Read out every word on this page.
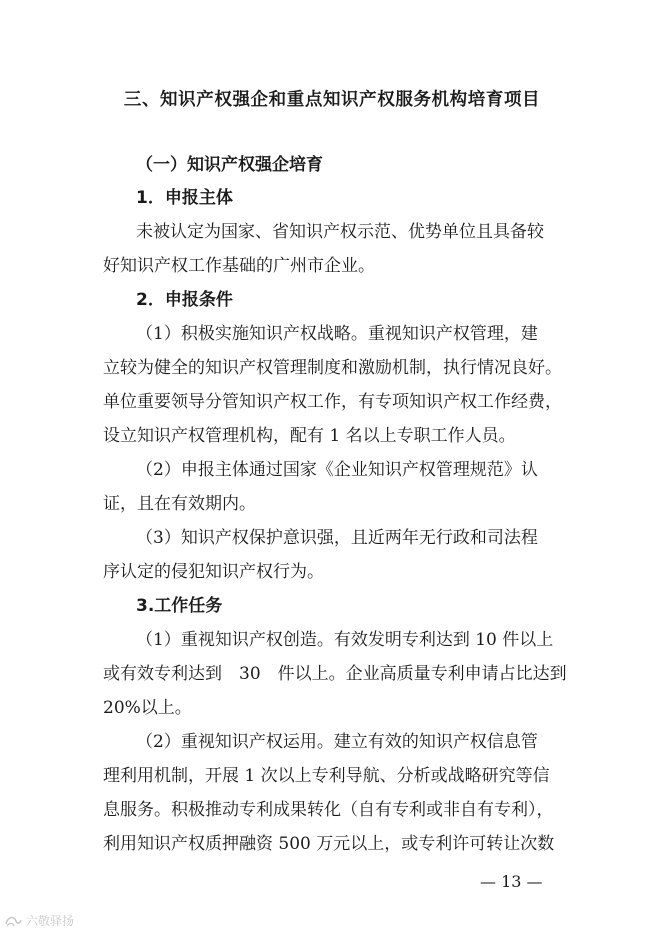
三、知识产权强企和重点知识产权服务机构培育项目
（一）知识产权强企培育
1．申报主体
未被认定为国家、省知识产权示范、优势单位且具备较
好知识产权工作基础的广州市企业。
2．申报条件
（1）积极实施知识产权战略。重视知识产权管理，建
立较为健全的知识产权管理制度和激励机制，执行情况良好。
单位重要领导分管知识产权工作，有专项知识产权工作经费，
设立知识产权管理机构，配有 1 名以上专职工作人员。
（2）申报主体通过国家《企业知识产权管理规范》认
证，且在有效期内。
（3）知识产权保护意识强，且近两年无行政和司法程
序认定的侵犯知识产权行为。
3.工作任务
（1）重视知识产权创造。有效发明专利达到 10 件以上
或有效专利达到　30　件以上。企业高质量专利申请占比达到
20%以上。
（2）重视知识产权运用。建立有效的知识产权信息管
理利用机制，开展 1 次以上专利导航、分析或战略研究等信
息服务。积极推动专利成果转化（自有专利或非自有专利），
利用知识产权质押融资 500 万元以上，或专利许可转让次数
— 13 —
六敬驿扬
